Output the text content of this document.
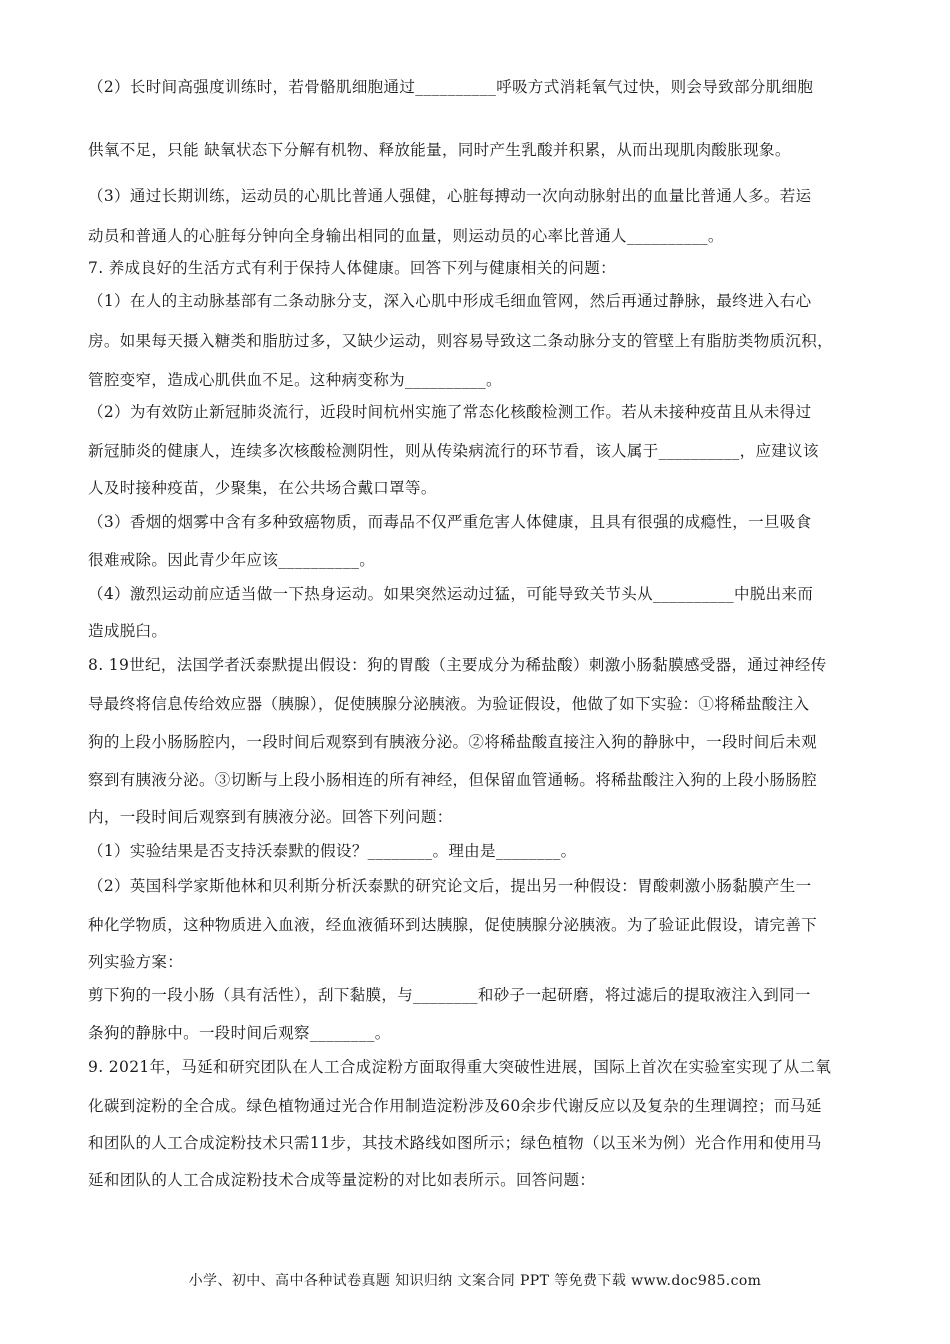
（2）长时间高强度训练时，若骨骼肌细胞通过__________呼吸方式消耗氧气过快，则会导致部分肌细胞
供氧不足，只能 缺氧状态下分解有机物、释放能量，同时产生乳酸并积累，从而出现肌肉酸胀现象。
（3）通过长期训练，运动员的心肌比普通人强健，心脏每搏动一次向动脉射出的血量比普通人多。若运
动员和普通人的心脏每分钟向全身输出相同的血量，则运动员的心率比普通人__________。
7. 养成良好的生活方式有利于保持人体健康。回答下列与健康相关的问题：
（1）在人的主动脉基部有二条动脉分支，深入心肌中形成毛细血管网，然后再通过静脉，最终进入右心
房。如果每天摄入糖类和脂肪过多，又缺少运动，则容易导致这二条动脉分支的管壁上有脂肪类物质沉积，
管腔变窄，造成心肌供血不足。这种病变称为__________。
（2）为有效防止新冠肺炎流行，近段时间杭州实施了常态化核酸检测工作。若从未接种疫苗且从未得过
新冠肺炎的健康人，连续多次核酸检测阴性，则从传染病流行的环节看，该人属于__________，应建议该
人及时接种疫苗，少聚集，在公共场合戴口罩等。
（3）香烟的烟雾中含有多种致癌物质，而毒品不仅严重危害人体健康，且具有很强的成瘾性，一旦吸食
很难戒除。因此青少年应该__________。
（4）激烈运动前应适当做一下热身运动。如果突然运动过猛，可能导致关节头从__________中脱出来而
造成脱臼。
8. 19世纪，法国学者沃泰默提出假设：狗的胃酸（主要成分为稀盐酸）刺激小肠黏膜感受器，通过神经传
导最终将信息传给效应器（胰腺），促使胰腺分泌胰液。为验证假设，他做了如下实验：①将稀盐酸注入
狗的上段小肠肠腔内，一段时间后观察到有胰液分泌。②将稀盐酸直接注入狗的静脉中，一段时间后未观
察到有胰液分泌。③切断与上段小肠相连的所有神经，但保留血管通畅。将稀盐酸注入狗的上段小肠肠腔
内，一段时间后观察到有胰液分泌。回答下列问题：
（1）实验结果是否支持沃泰默的假设？________。理由是________。
（2）英国科学家斯他林和贝利斯分析沃泰默的研究论文后，提出另一种假设：胃酸刺激小肠黏膜产生一
种化学物质，这种物质进入血液，经血液循环到达胰腺，促使胰腺分泌胰液。为了验证此假设，请完善下
列实验方案：
剪下狗的一段小肠（具有活性），刮下黏膜，与________和砂子一起研磨，将过滤后的提取液注入到同一
条狗的静脉中。一段时间后观察________。
9. 2021年，马延和研究团队在人工合成淀粉方面取得重大突破性进展，国际上首次在实验室实现了从二氧
化碳到淀粉的全合成。绿色植物通过光合作用制造淀粉涉及60余步代谢反应以及复杂的生理调控；而马延
和团队的人工合成淀粉技术只需11步，其技术路线如图所示；绿色植物（以玉米为例）光合作用和使用马
延和团队的人工合成淀粉技术合成等量淀粉的对比如表所示。回答问题：
小学、初中、高中各种试卷真题 知识归纳 文案合同 PPT 等免费下载 www.doc985.com
